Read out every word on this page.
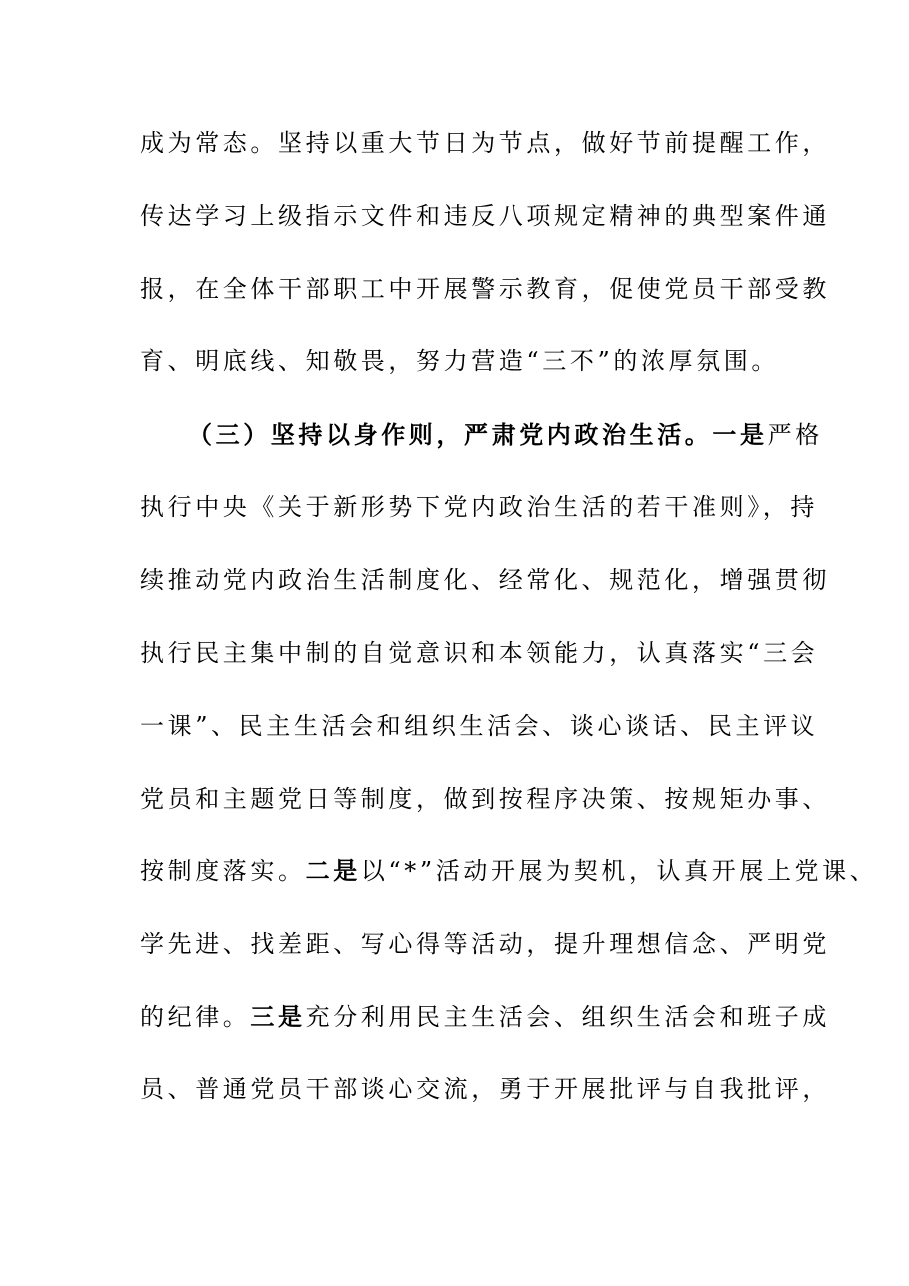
成为常态。坚持以重大节日为节点，做好节前提醒工作，
传达学习上级指示文件和违反八项规定精神的典型案件通
报，在全体干部职工中开展警示教育，促使党员干部受教
育、明底线、知敬畏，努力营造“三不”的浓厚氛围。
（三）坚持以身作则，严肃党内政治生活。一是严格
执行中央《关于新形势下党内政治生活的若干准则》，持
续推动党内政治生活制度化、经常化、规范化，增强贯彻
执行民主集中制的自觉意识和本领能力，认真落实“三会
一课”、民主生活会和组织生活会、谈心谈话、民主评议
党员和主题党日等制度，做到按程序决策、按规矩办事、
按制度落实。二是以“*”活动开展为契机，认真开展上党课、
学先进、找差距、写心得等活动，提升理想信念、严明党
的纪律。三是充分利用民主生活会、组织生活会和班子成
员、普通党员干部谈心交流，勇于开展批评与自我批评，
